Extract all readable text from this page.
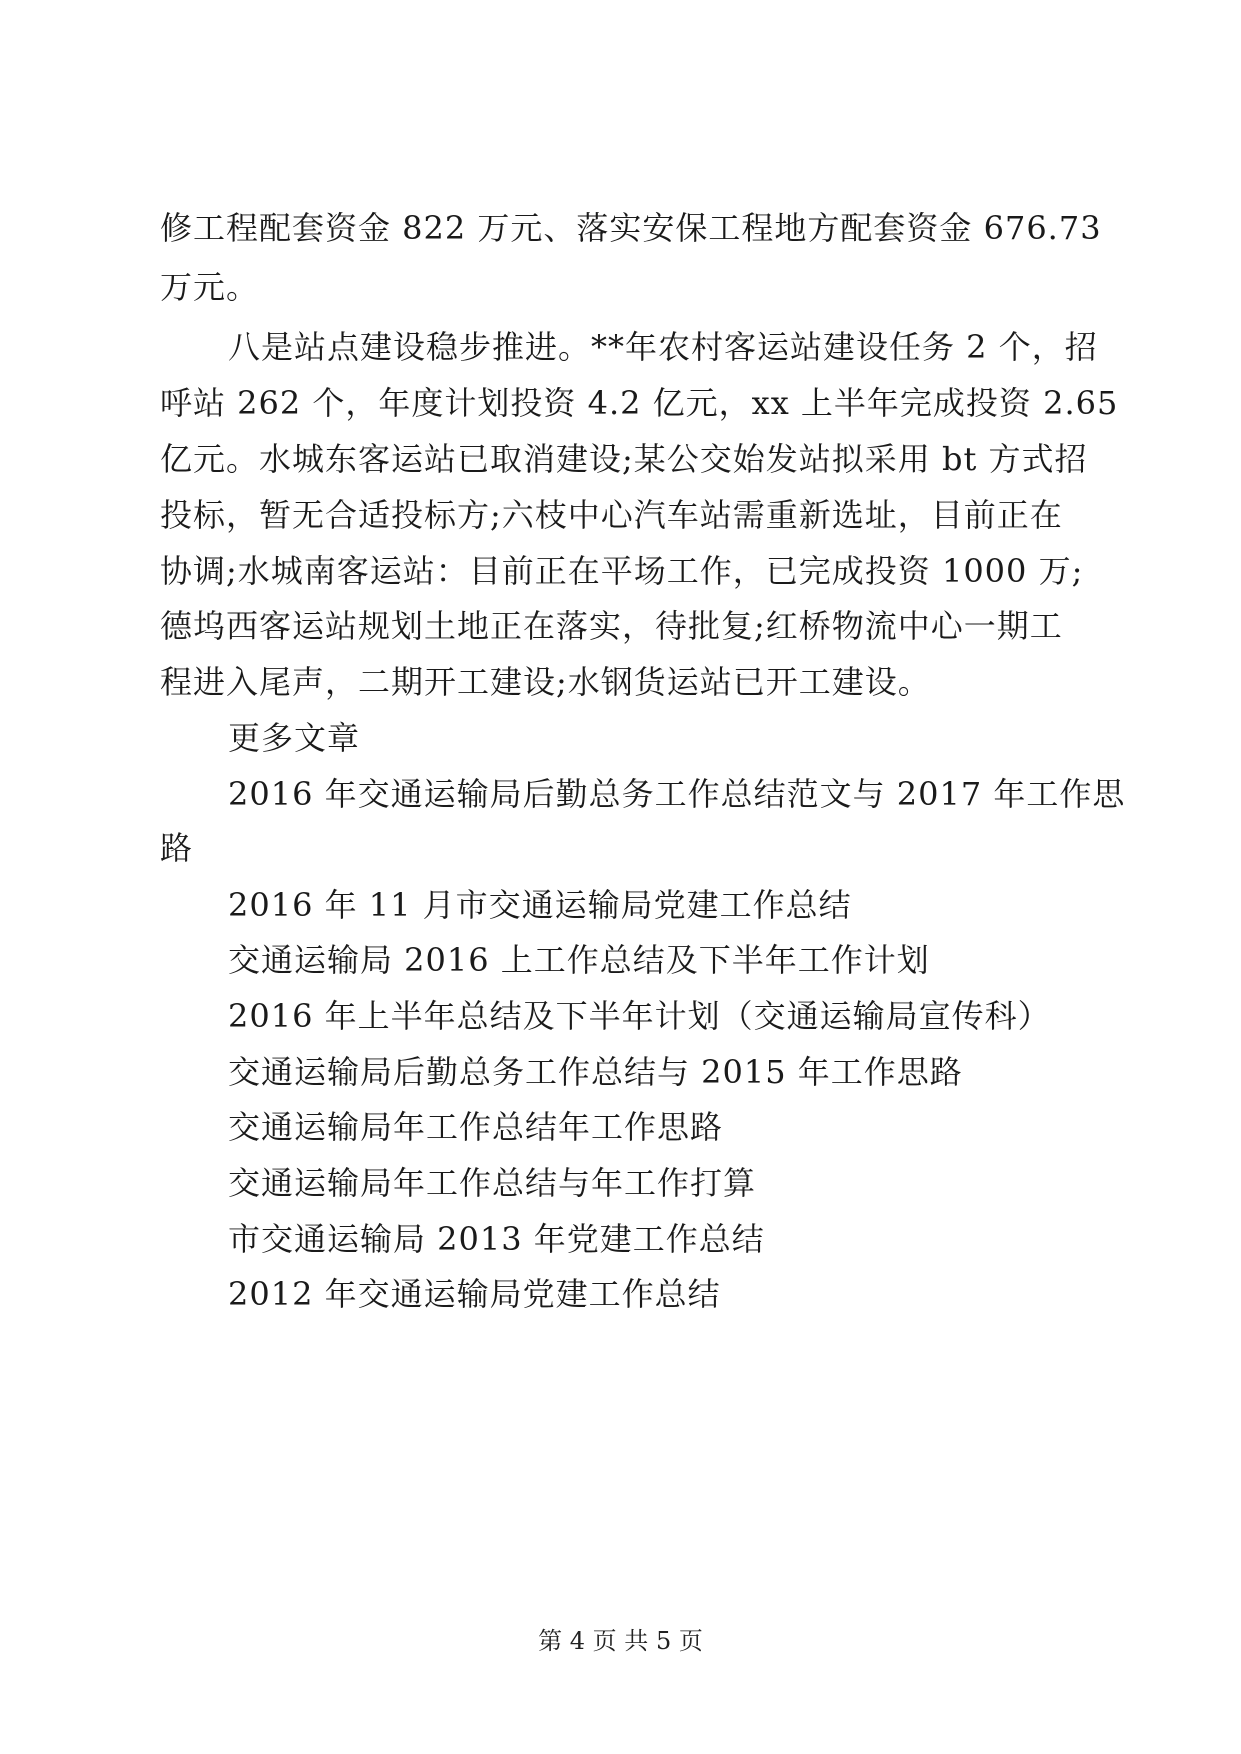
修工程配套资金 822 万元、落实安保工程地方配套资金 676.73
万元。
八是站点建设稳步推进。**年农村客运站建设任务 2 个，招
呼站 262 个，年度计划投资 4.2 亿元，xx 上半年完成投资 2.65
亿元。水城东客运站已取消建设;某公交始发站拟采用 bt 方式招
投标，暂无合适投标方;六枝中心汽车站需重新选址，目前正在
协调;水城南客运站：目前正在平场工作，已完成投资 1000 万;
德坞西客运站规划土地正在落实，待批复;红桥物流中心一期工
程进入尾声，二期开工建设;水钢货运站已开工建设。
更多文章
2016 年交通运输局后勤总务工作总结范文与 2017 年工作思
路
2016 年 11 月市交通运输局党建工作总结
交通运输局 2016 上工作总结及下半年工作计划
2016 年上半年总结及下半年计划（交通运输局宣传科）
交通运输局后勤总务工作总结与 2015 年工作思路
交通运输局年工作总结年工作思路
交通运输局年工作总结与年工作打算
市交通运输局 2013 年党建工作总结
2012 年交通运输局党建工作总结
第 4 页 共 5 页
